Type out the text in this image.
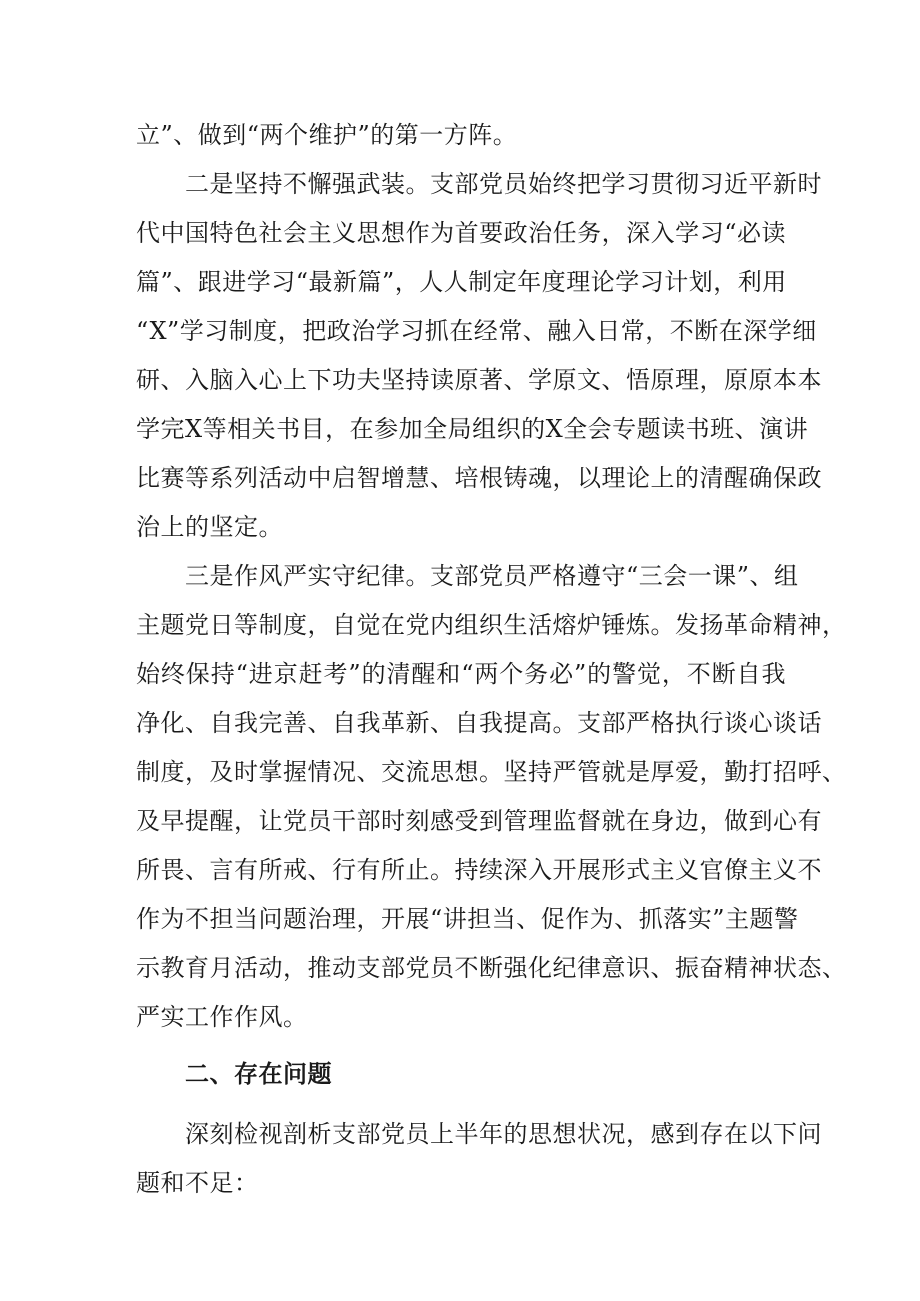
立”、做到“两个维护”的第一方阵。
二是坚持不懈强武装。支部党员始终把学习贯彻习近平新时
代中国特色社会主义思想作为首要政治任务，深入学习“必读
篇”、跟进学习“最新篇”，人人制定年度理论学习计划，利用
“X”学习制度，把政治学习抓在经常、融入日常，不断在深学细
研、入脑入心上下功夫坚持读原著、学原文、悟原理，原原本本
学完X等相关书目，在参加全局组织的X全会专题读书班、演讲
比赛等系列活动中启智增慧、培根铸魂，以理论上的清醒确保政
治上的坚定。
三是作风严实守纪律。支部党员严格遵守“三会一课”、组
主题党日等制度，自觉在党内组织生活熔炉锤炼。发扬革命精神，
始终保持“进京赶考”的清醒和“两个务必”的警觉，不断自我
净化、自我完善、自我革新、自我提高。支部严格执行谈心谈话
制度，及时掌握情况、交流思想。坚持严管就是厚爱，勤打招呼、
及早提醒，让党员干部时刻感受到管理监督就在身边，做到心有
所畏、言有所戒、行有所止。持续深入开展形式主义官僚主义不
作为不担当问题治理，开展“讲担当、促作为、抓落实”主题警
示教育月活动，推动支部党员不断强化纪律意识、振奋精神状态、
严实工作作风。
二、存在问题
深刻检视剖析支部党员上半年的思想状况，感到存在以下问
题和不足：
